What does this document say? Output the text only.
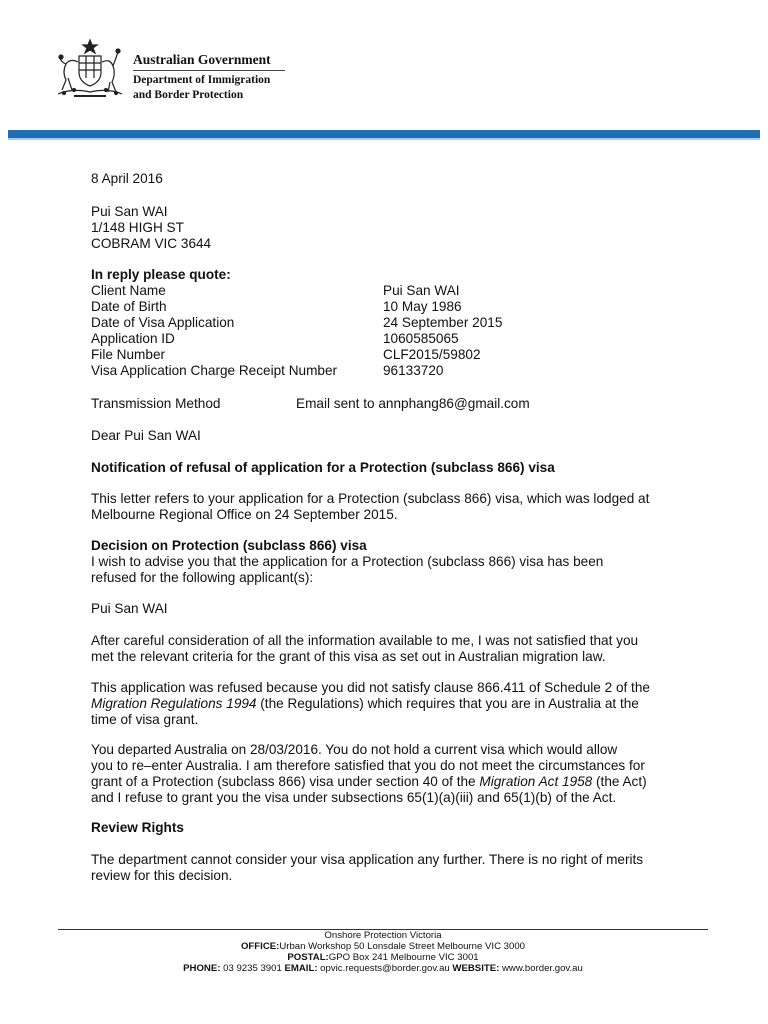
Australian Government
Department of Immigration
and Border Protection
8 April 2016
Pui San WAI
1/148 HIGH ST
COBRAM VIC 3644
In reply please quote:
Client Name	Pui San WAI
Date of Birth	10 May 1986
Date of Visa Application	24 September 2015
Application ID	1060585065
File Number	CLF2015/59802
Visa Application Charge Receipt Number	96133720
Transmission Method	Email sent to annphang86@gmail.com
Dear Pui San WAI
Notification of refusal of application for a Protection (subclass 866) visa
This letter refers to your application for a Protection (subclass 866) visa, which was lodged at
Melbourne Regional Office on 24 September 2015.
Decision on Protection (subclass 866) visa
I wish to advise you that the application for a Protection (subclass 866) visa has been
refused for the following applicant(s):
Pui San WAI
After careful consideration of all the information available to me, I was not satisfied that you
met the relevant criteria for the grant of this visa as set out in Australian migration law.
This application was refused because you did not satisfy clause 866.411 of Schedule 2 of the
Migration Regulations 1994 (the Regulations) which requires that you are in Australia at the
time of visa grant.
You departed Australia on 28/03/2016. You do not hold a current visa which would allow
you to re–enter Australia. I am therefore satisfied that you do not meet the circumstances for
grant of a Protection (subclass 866) visa under section 40 of the Migration Act 1958 (the Act)
and I refuse to grant you the visa under subsections 65(1)(a)(iii) and 65(1)(b) of the Act.
Review Rights
The department cannot consider your visa application any further. There is no right of merits
review for this decision.
Onshore Protection Victoria
OFFICE:Urban Workshop 50 Lonsdale Street Melbourne VIC 3000
POSTAL:GPO Box 241 Melbourne VIC 3001
PHONE: 03 9235 3901 EMAIL: opvic.requests@border.gov.au WEBSITE: www.border.gov.au
